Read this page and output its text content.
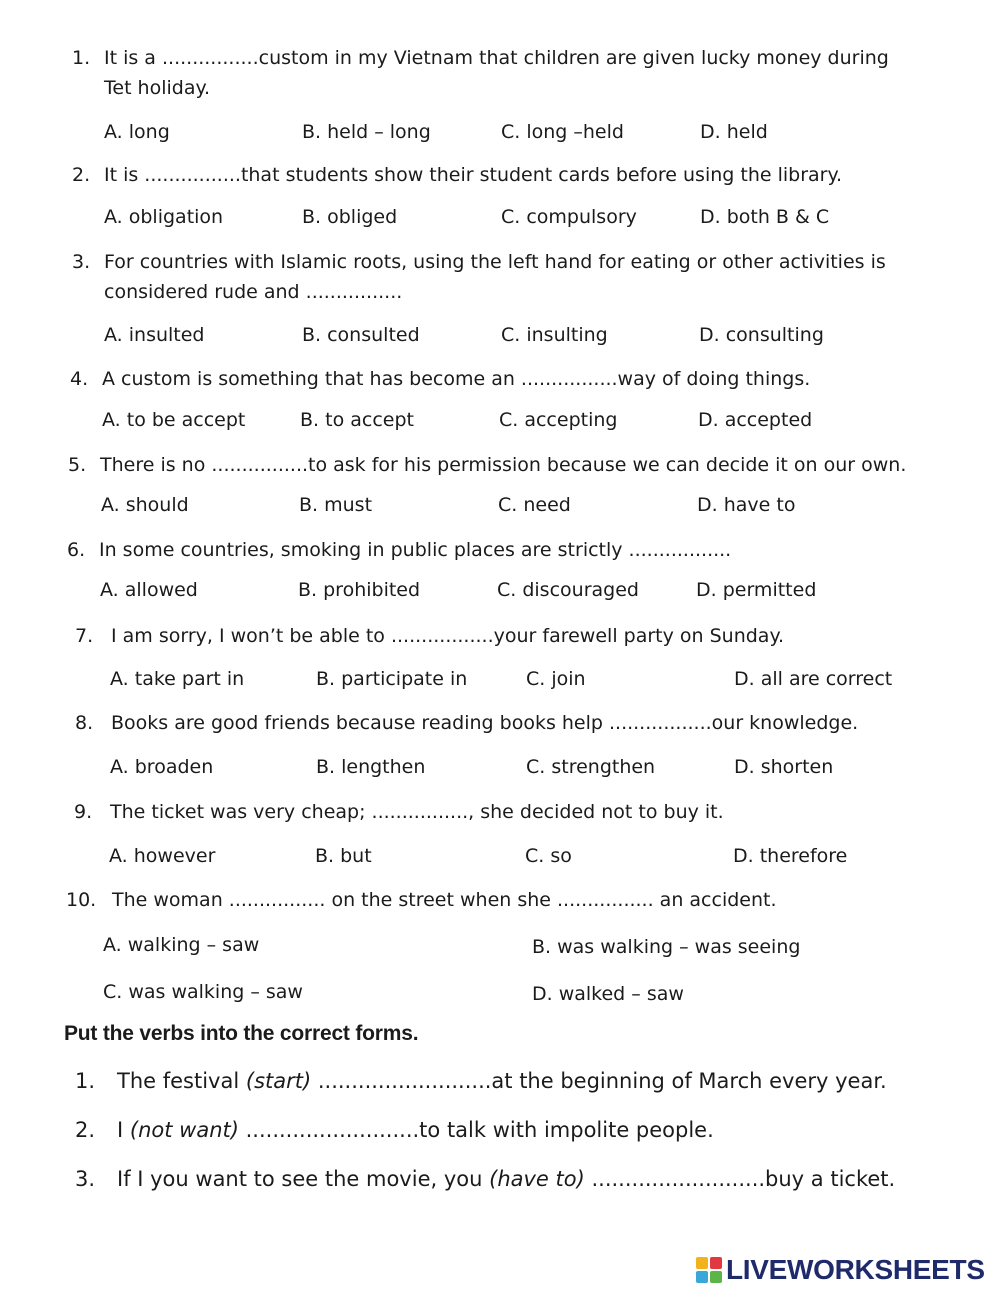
1. It is a ................custom in my Vietnam that children are given lucky money during Tet holiday.
A. long	B. held – long	C. long –held	D. held
2. It is ................that students show their student cards before using the library.
A. obligation	B. obliged	C. compulsory	D. both B & C
3. For countries with Islamic roots, using the left hand for eating or other activities is considered rude and ................
A. insulted	B. consulted	C. insulting	D. consulting
4. A custom is something that has become an ................way of doing things.
A. to be accept	B. to accept	C. accepting	D. accepted
5. There is no ................to ask for his permission because we can decide it on our own.
A. should	B. must	C. need	D. have to
6. In some countries, smoking in public places are strictly .................
A. allowed	B. prohibited	C. discouraged	D. permitted
7. I am sorry, I won’t be able to .................your farewell party on Sunday.
A. take part in	B. participate in	C. join	D. all are correct
8. Books are good friends because reading books help .................our knowledge.
A. broaden	B. lengthen	C. strengthen	D. shorten
9. The ticket was very cheap; ................, she decided not to buy it.
A. however	B. but	C. so	D. therefore
10. The woman ................ on the street when she ................ an accident.
A. walking – saw	B. was walking – was seeing
C. was walking – saw	D. walked – saw
Put the verbs into the correct forms.
1. The festival (start) ..........................at the beginning of March every year.
2. I (not want) ..........................to talk with impolite people.
3. If I you want to see the movie, you (have to) ..........................buy a ticket.
LIVEWORKSHEETS
